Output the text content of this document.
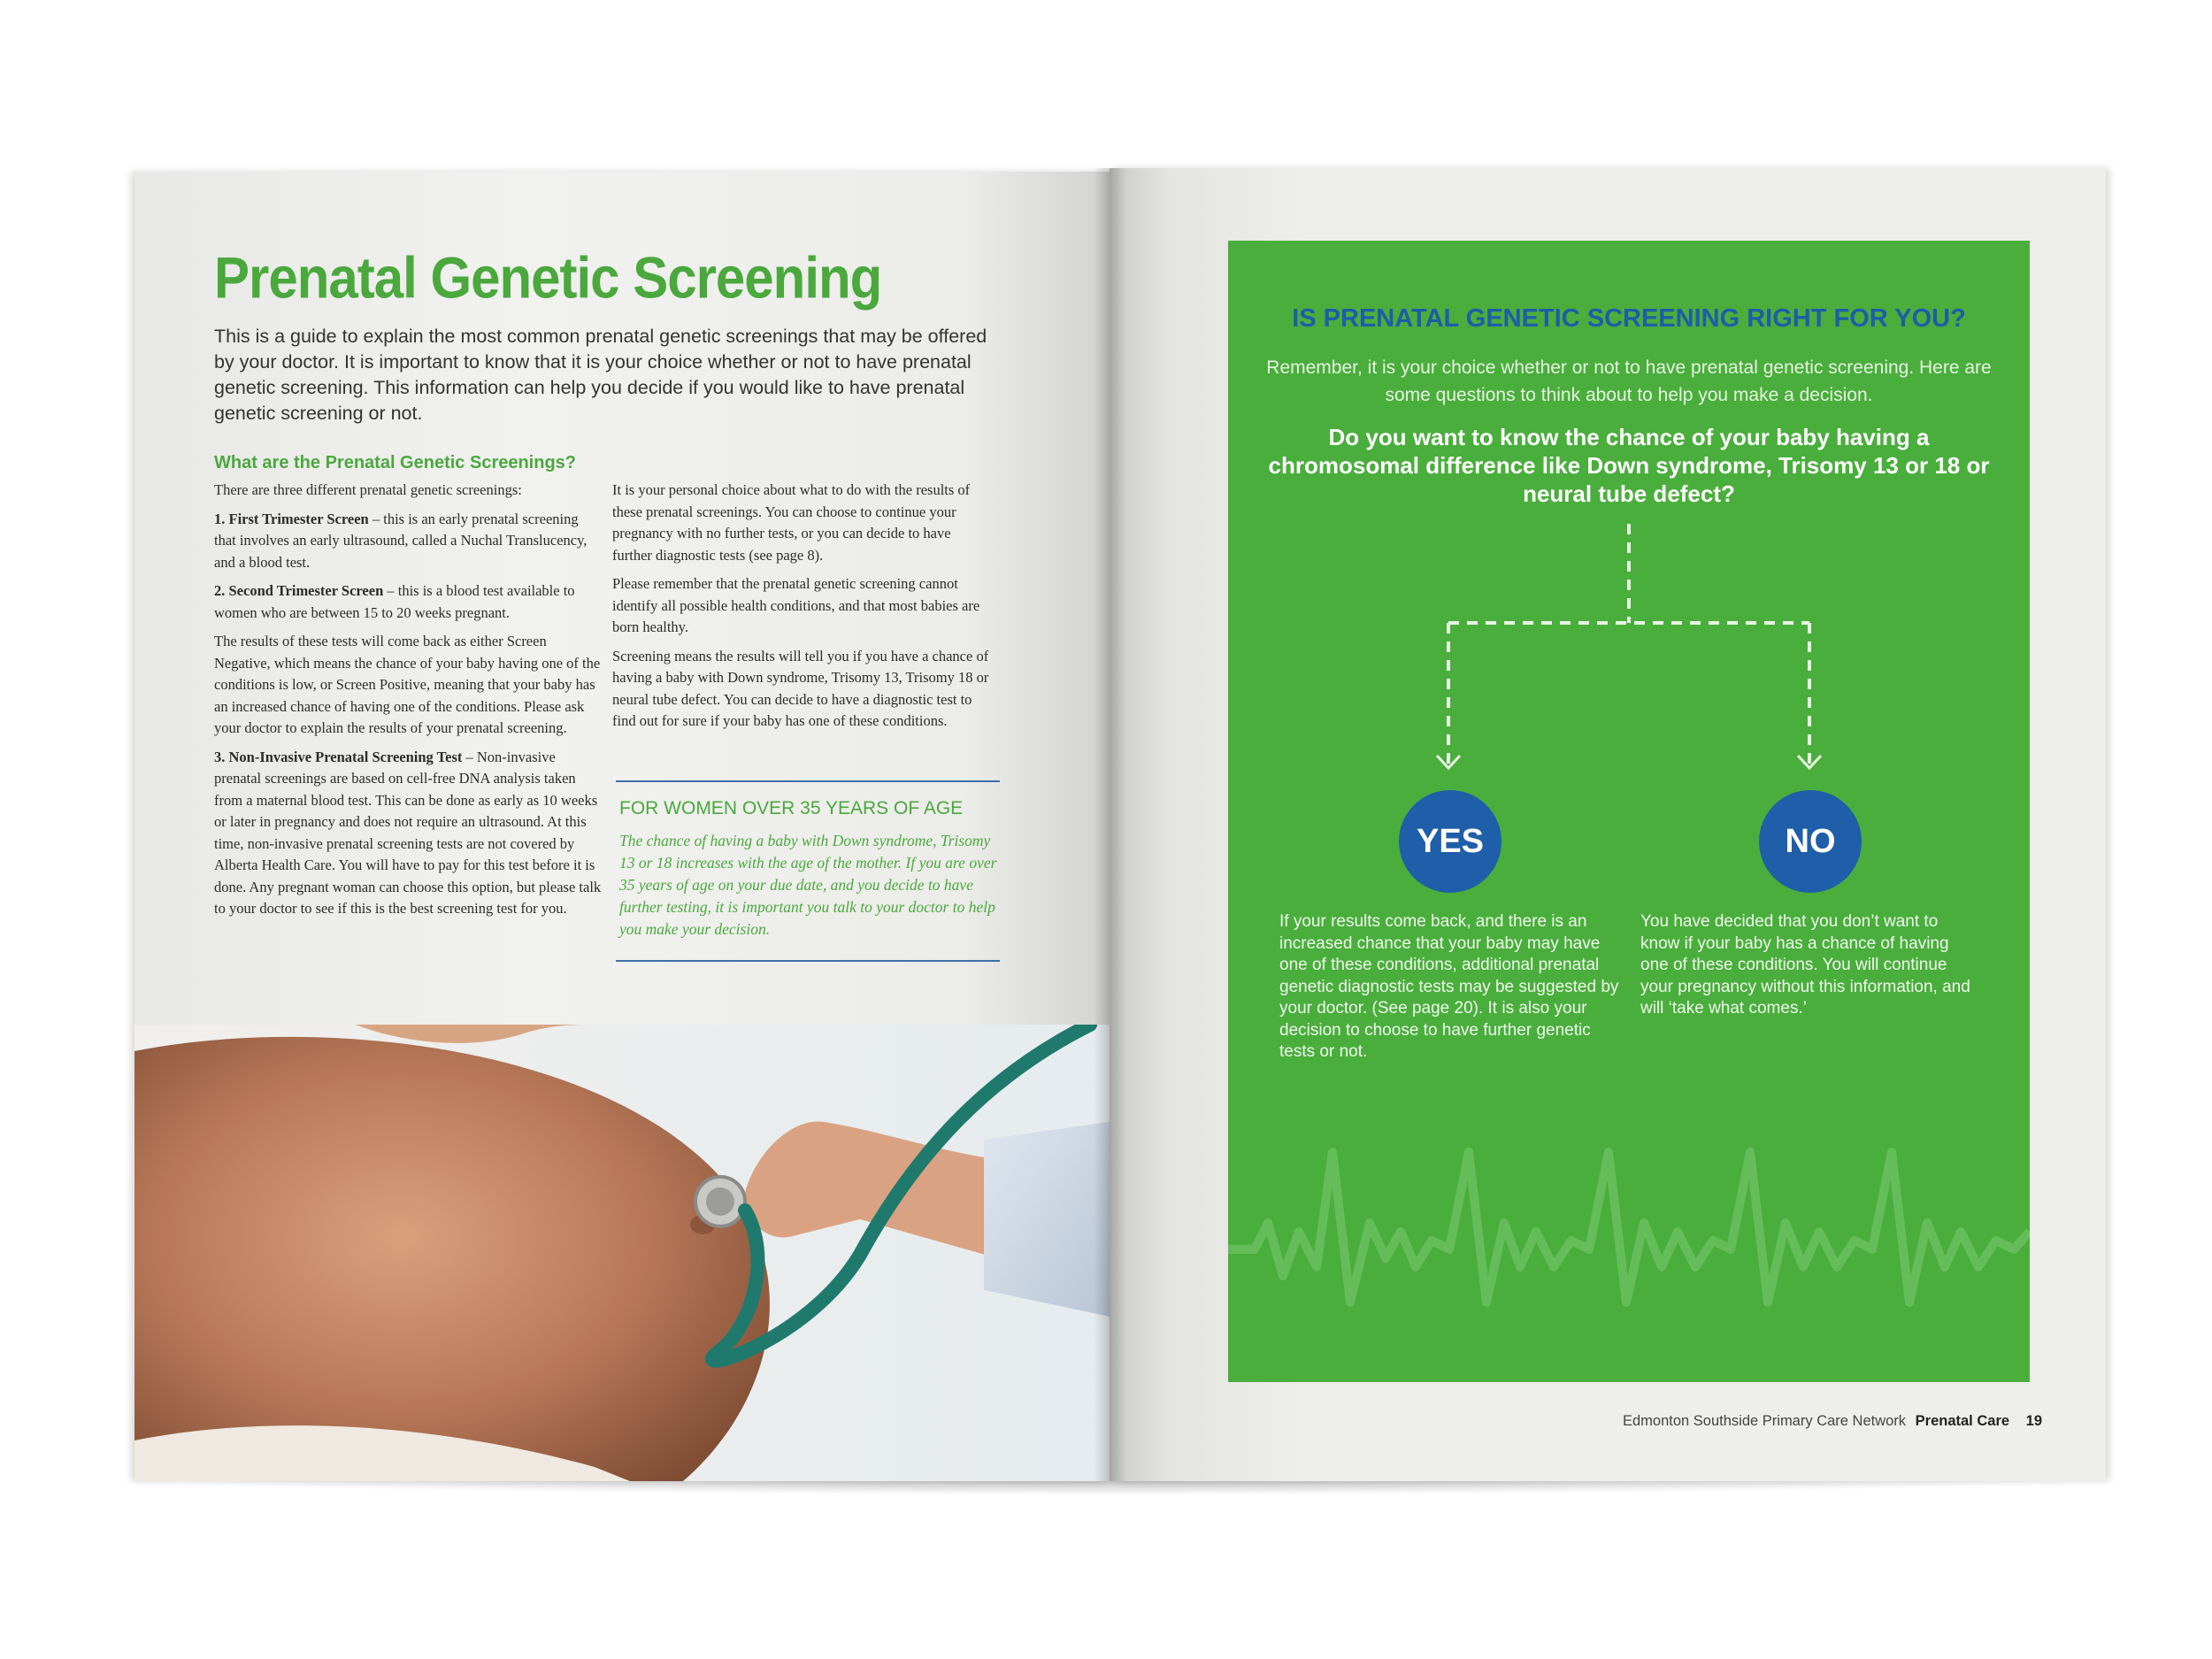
Prenatal Genetic Screening

This is a guide to explain the most common prenatal genetic screenings that may be offered by your doctor. It is important to know that it is your choice whether or not to have prenatal genetic screening. This information can help you decide if you would like to have prenatal genetic screening or not.

What are the Prenatal Genetic Screenings?

There are three different prenatal genetic screenings:

1. First Trimester Screen – this is an early prenatal screening that involves an early ultrasound, called a Nuchal Translucency, and a blood test.

2. Second Trimester Screen – this is a blood test available to women who are between 15 to 20 weeks pregnant.

The results of these tests will come back as either Screen Negative, which means the chance of your baby having one of the conditions is low, or Screen Positive, meaning that your baby has an increased chance of having one of the conditions. Please ask your doctor to explain the results of your prenatal screening.

3. Non-Invasive Prenatal Screening Test – Non-invasive prenatal screenings are based on cell-free DNA analysis taken from a maternal blood test. This can be done as early as 10 weeks or later in pregnancy and does not require an ultrasound. At this time, non-invasive prenatal screening tests are not covered by Alberta Health Care. You will have to pay for this test before it is done. Any pregnant woman can choose this option, but please talk to your doctor to see if this is the best screening test for you.

It is your personal choice about what to do with the results of these prenatal screenings. You can choose to continue your pregnancy with no further tests, or you can decide to have further diagnostic tests (see page 8).

Please remember that the prenatal genetic screening cannot identify all possible health conditions, and that most babies are born healthy.

Screening means the results will tell you if you have a chance of having a baby with Down syndrome, Trisomy 13, Trisomy 18 or neural tube defect. You can decide to have a diagnostic test to find out for sure if your baby has one of these conditions.

FOR WOMEN OVER 35 YEARS OF AGE

The chance of having a baby with Down syndrome, Trisomy 13 or 18 increases with the age of the mother. If you are over 35 years of age on your due date, and you decide to have further testing, it is important you talk to your doctor to help you make your decision.

IS PRENATAL GENETIC SCREENING RIGHT FOR YOU?

Remember, it is your choice whether or not to have prenatal genetic screening. Here are some questions to think about to help you make a decision.

Do you want to know the chance of your baby having a chromosomal difference like Down syndrome, Trisomy 13 or 18 or neural tube defect?

YES	NO

If your results come back, and there is an increased chance that your baby may have one of these conditions, additional prenatal genetic diagnostic tests may be suggested by your doctor. (See page 20). It is also your decision to choose to have further genetic tests or not.

You have decided that you don’t want to know if your baby has a chance of having one of these conditions. You will continue your pregnancy without this information, and will ‘take what comes.’

Edmonton Southside Primary Care Network Prenatal Care 19
